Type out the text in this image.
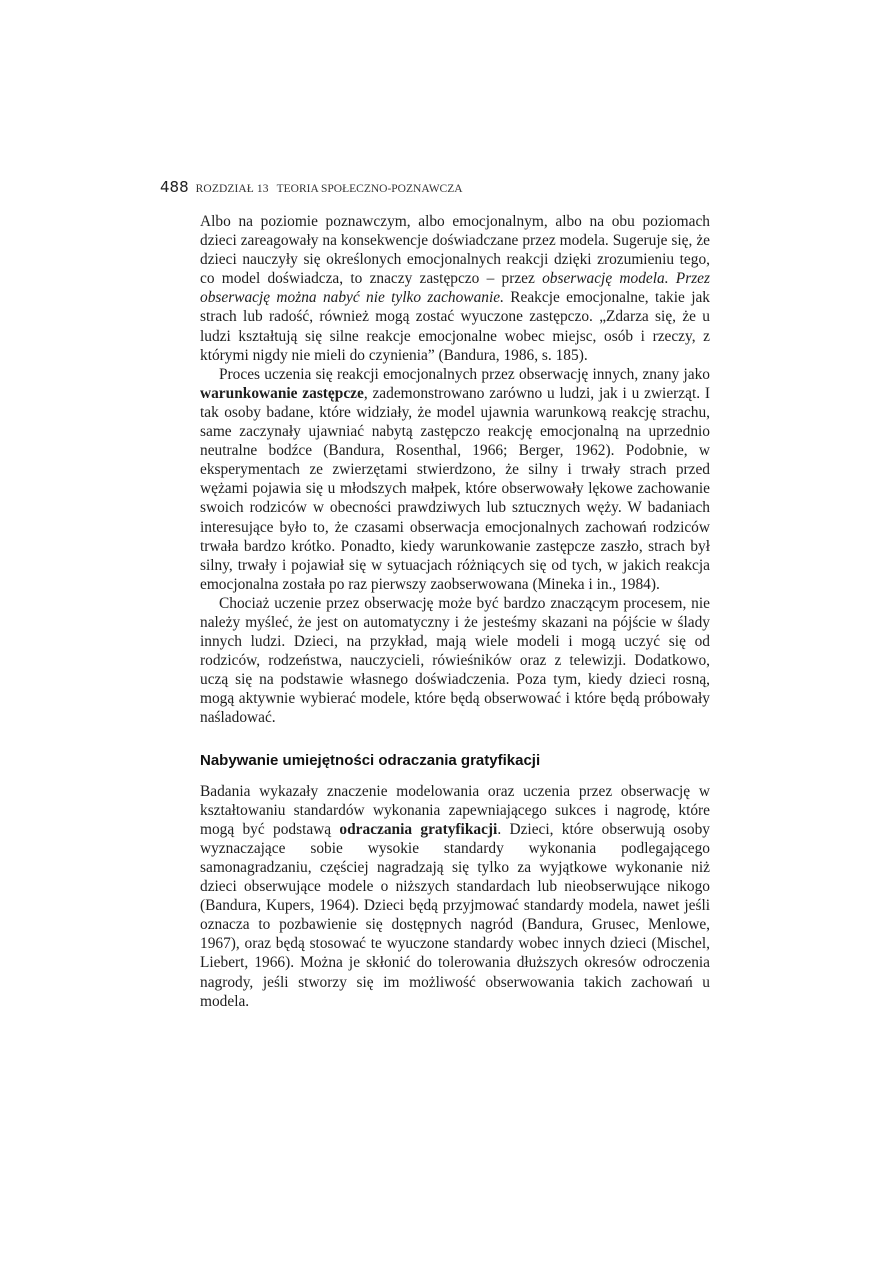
488 ROZDZIAŁ 13 TEORIA SPOŁECZNO-POZNAWCZA

Albo na poziomie poznawczym, albo emocjonalnym, albo na obu poziomach dzieci zareagowały na konsekwencje doświadczane przez modela. Sugeruje się, że dzieci nauczyły się określonych emocjonalnych reakcji dzięki zrozumieniu tego, co model doświadcza, to znaczy zastępczo – przez obserwację modela. Przez obserwację można nabyć nie tylko zachowanie. Reakcje emocjonalne, takie jak strach lub radość, również mogą zostać wyuczone zastępczo. „Zdarza się, że u ludzi kształtują się silne reakcje emocjonalne wobec miejsc, osób i rzeczy, z którymi nigdy nie mieli do czynienia” (Bandura, 1986, s. 185).

Proces uczenia się reakcji emocjonalnych przez obserwację innych, znany jako warunkowanie zastępcze, zademonstrowano zarówno u ludzi, jak i u zwierząt. I tak osoby badane, które widziały, że model ujawnia warunkową reakcję strachu, same zaczynały ujawniać nabytą zastępczo reakcję emocjonalną na uprzednio neutralne bodźce (Bandura, Rosenthal, 1966; Berger, 1962). Podobnie, w eksperymentach ze zwierzętami stwierdzono, że silny i trwały strach przed wężami pojawia się u młodszych małpek, które obserwowały lękowe zachowanie swoich rodziców w obecności prawdziwych lub sztucznych węży. W badaniach interesujące było to, że czasami obserwacja emocjonalnych zachowań rodziców trwała bardzo krótko. Ponadto, kiedy warunkowanie zastępcze zaszło, strach był silny, trwały i pojawiał się w sytuacjach różniących się od tych, w jakich reakcja emocjonalna została po raz pierwszy zaobserwowana (Mineka i in., 1984).

Chociaż uczenie przez obserwację może być bardzo znaczącym procesem, nie należy myśleć, że jest on automatyczny i że jesteśmy skazani na pójście w ślady innych ludzi. Dzieci, na przykład, mają wiele modeli i mogą uczyć się od rodziców, rodzeństwa, nauczycieli, rówieśników oraz z telewizji. Dodatkowo, uczą się na podstawie własnego doświadczenia. Poza tym, kiedy dzieci rosną, mogą aktywnie wybierać modele, które będą obserwować i które będą próbowały naśladować.

Nabywanie umiejętności odraczania gratyfikacji

Badania wykazały znaczenie modelowania oraz uczenia przez obserwację w kształtowaniu standardów wykonania zapewniającego sukces i nagrodę, które mogą być podstawą odraczania gratyfikacji. Dzieci, które obserwują osoby wyznaczające sobie wysokie standardy wykonania podlegającego samonagradzaniu, częściej nagradzają się tylko za wyjątkowe wykonanie niż dzieci obserwujące modele o niższych standardach lub nieobserwujące nikogo (Bandura, Kupers, 1964). Dzieci będą przyjmować standardy modela, nawet jeśli oznacza to pozbawienie się dostępnych nagród (Bandura, Grusec, Menlowe, 1967), oraz będą stosować te wyuczone standardy wobec innych dzieci (Mischel, Liebert, 1966). Można je skłonić do tolerowania dłuższych okresów odroczenia nagrody, jeśli stworzy się im możliwość obserwowania takich zachowań u modela.
